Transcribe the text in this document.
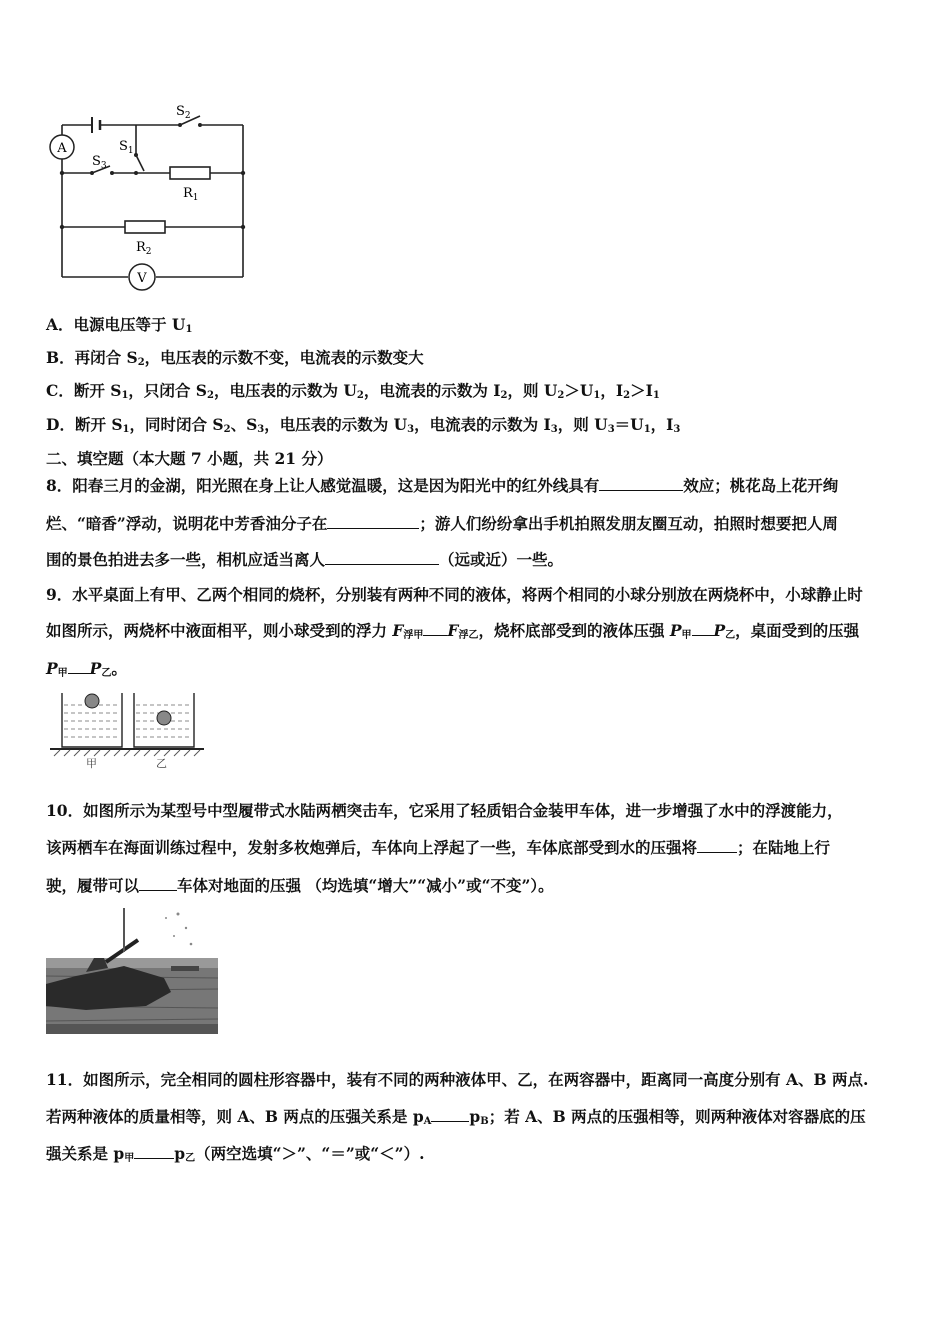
A
V
$S_2$
$S_1$
$S_3$
$R_1$
$R_2$
A．电源电压等于 $U_1$
B．再闭合 $S_2$，电压表的示数不变，电流表的示数变大
C．断开 $S_1$，只闭合 $S_2$，电压表的示数为 $U_2$，电流表的示数为 $I_2$，则 $U_2>U_1$，$I_2>I_1$
D．断开 $S_1$，同时闭合 $S_2$、$S_3$，电压表的示数为 $U_3$，电流表的示数为 $I_3$，则 $U_3=U_1$，$I_3$
二、填空题（本大题 7 小题，共 21 分）
8．阳春三月的金湖，阳光照在身上让人感觉温暖，这是因为阳光中的红外线具有	效应；桃花岛上花开绚
烂、“暗香”浮动，说明花中芳香油分子在	；游人们纷纷拿出手机拍照发朋友圈互动，拍照时想要把人周
围的景色拍进去多一些，相机应适当离人	（远或近）一些。
9．水平桌面上有甲、乙两个相同的烧杯，分别装有两种不同的液体，将两个相同的小球分别放在两烧杯中，小球静止时
如图所示，两烧杯中液面相平，则小球受到的浮力 $F_{浮甲}$ $F_{浮乙}$，烧杯底部受到的液体压强 $P_甲$ $P_乙$，桌面受到的压强
$P_甲$ $P_乙$。
甲	乙
10．如图所示为某型号中型履带式水陆两栖突击车，它采用了轻质铝合金装甲车体，进一步增强了水中的浮渡能力，
该两栖车在海面训练过程中，发射多枚炮弹后，车体向上浮起了一些，车体底部受到水的压强将	；在陆地上行
驶，履带可以 车体对地面的压强 （均选填“增大”“减小”或“不变”）。
11．如图所示，完全相同的圆柱形容器中，装有不同的两种液体甲、乙，在两容器中，距离同一高度分别有 A、B 两点.
若两种液体的质量相等，则 A、B 两点的压强关系是 $p_A$ $p_B$；若 A、B 两点的压强相等，则两种液体对容器底的压
强关系是 $p_甲$	$p_乙$（两空选填“＞”、“＝”或“＜”）.
